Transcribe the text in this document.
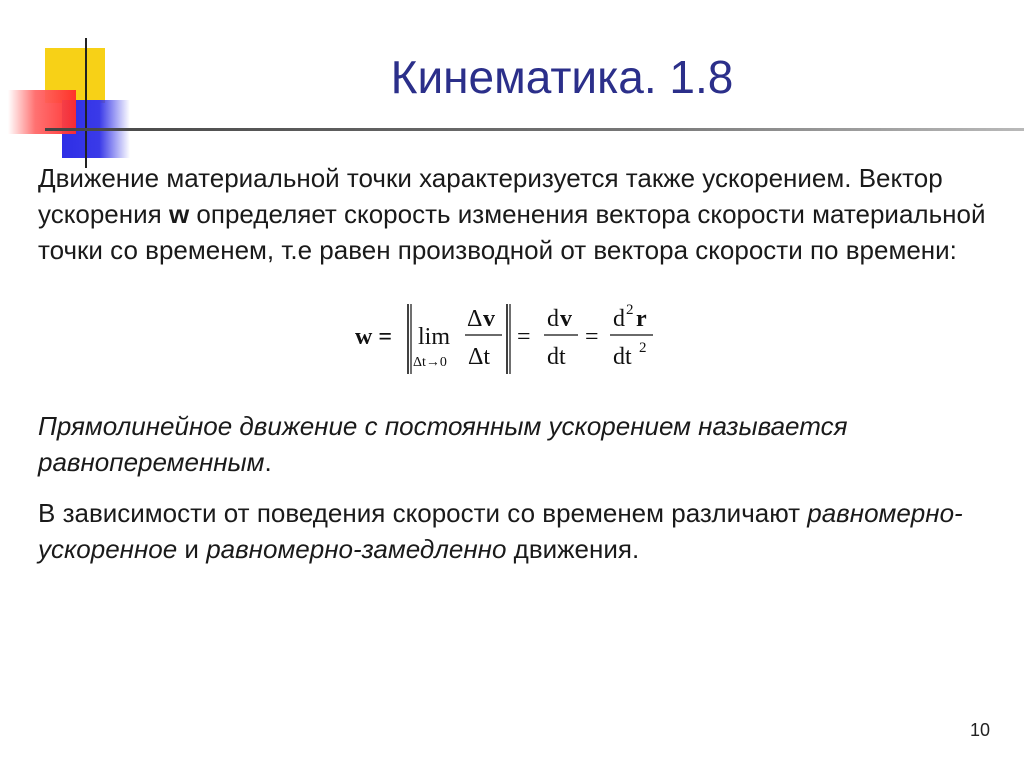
Кинематика. 1.8

Движение материальной точки характеризуется также ускорением. Вектор ускорения w определяет скорость изменения вектора скорости материальной точки со временем, т.е равен производной от вектора скорости по времени:

w = lim
Δt→0
Δ v
Δt
=
d v
dt
=
d 2 r
dt 2

Прямолинейное движение с постоянным ускорением называется равнопеременным.

В зависимости от поведения скорости со временем различают равномерно-ускоренное и равномерно-замедленно движения.

10
